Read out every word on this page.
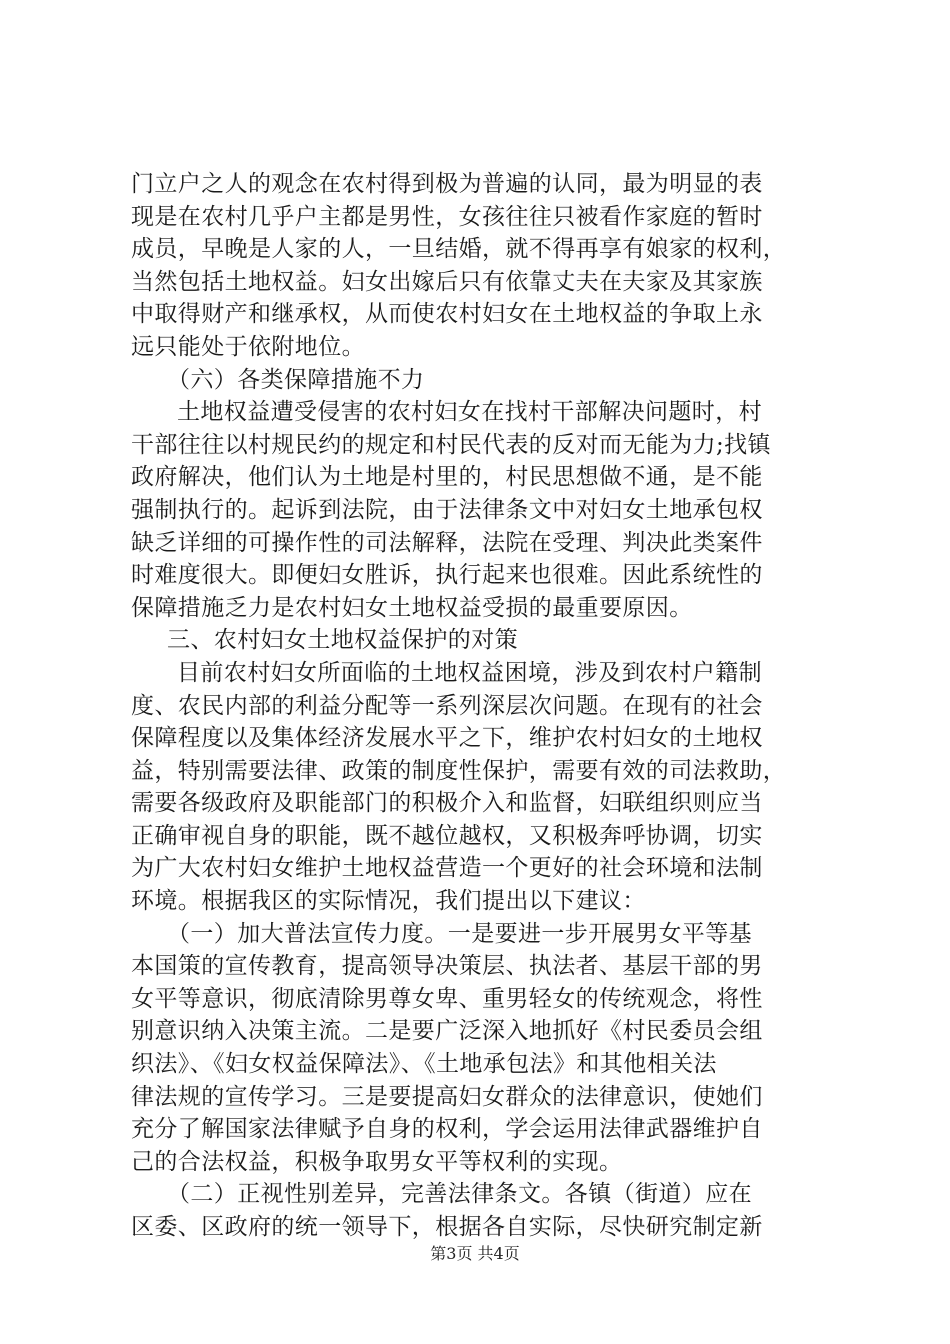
门立户之人的观念在农村得到极为普遍的认同，最为明显的表
现是在农村几乎户主都是男性，女孩往往只被看作家庭的暂时
成员，早晚是人家的人，一旦结婚，就不得再享有娘家的权利，
当然包括土地权益。妇女出嫁后只有依靠丈夫在夫家及其家族
中取得财产和继承权，从而使农村妇女在土地权益的争取上永
远只能处于依附地位。
（六）各类保障措施不力
土地权益遭受侵害的农村妇女在找村干部解决问题时，村
干部往往以村规民约的规定和村民代表的反对而无能为力;找镇
政府解决，他们认为土地是村里的，村民思想做不通，是不能
强制执行的。起诉到法院，由于法律条文中对妇女土地承包权
缺乏详细的可操作性的司法解释，法院在受理、判决此类案件
时难度很大。即便妇女胜诉，执行起来也很难。因此系统性的
保障措施乏力是农村妇女土地权益受损的最重要原因。
三、农村妇女土地权益保护的对策
目前农村妇女所面临的土地权益困境，涉及到农村户籍制
度、农民内部的利益分配等一系列深层次问题。在现有的社会
保障程度以及集体经济发展水平之下，维护农村妇女的土地权
益，特别需要法律、政策的制度性保护，需要有效的司法救助，
需要各级政府及职能部门的积极介入和监督，妇联组织则应当
正确审视自身的职能，既不越位越权，又积极奔呼协调，切实
为广大农村妇女维护土地权益营造一个更好的社会环境和法制
环境。根据我区的实际情况，我们提出以下建议：
（一）加大普法宣传力度。一是要进一步开展男女平等基
本国策的宣传教育，提高领导决策层、执法者、基层干部的男
女平等意识，彻底清除男尊女卑、重男轻女的传统观念，将性
别意识纳入决策主流。二是要广泛深入地抓好《村民委员会组
织法》、《妇女权益保障法》、《土地承包法》和其他相关法
律法规的宣传学习。三是要提高妇女群众的法律意识，使她们
充分了解国家法律赋予自身的权利，学会运用法律武器维护自
己的合法权益，积极争取男女平等权利的实现。
（二）正视性别差异，完善法律条文。各镇（街道）应在
区委、区政府的统一领导下，根据各自实际，尽快研究制定新
第3页 共4页
